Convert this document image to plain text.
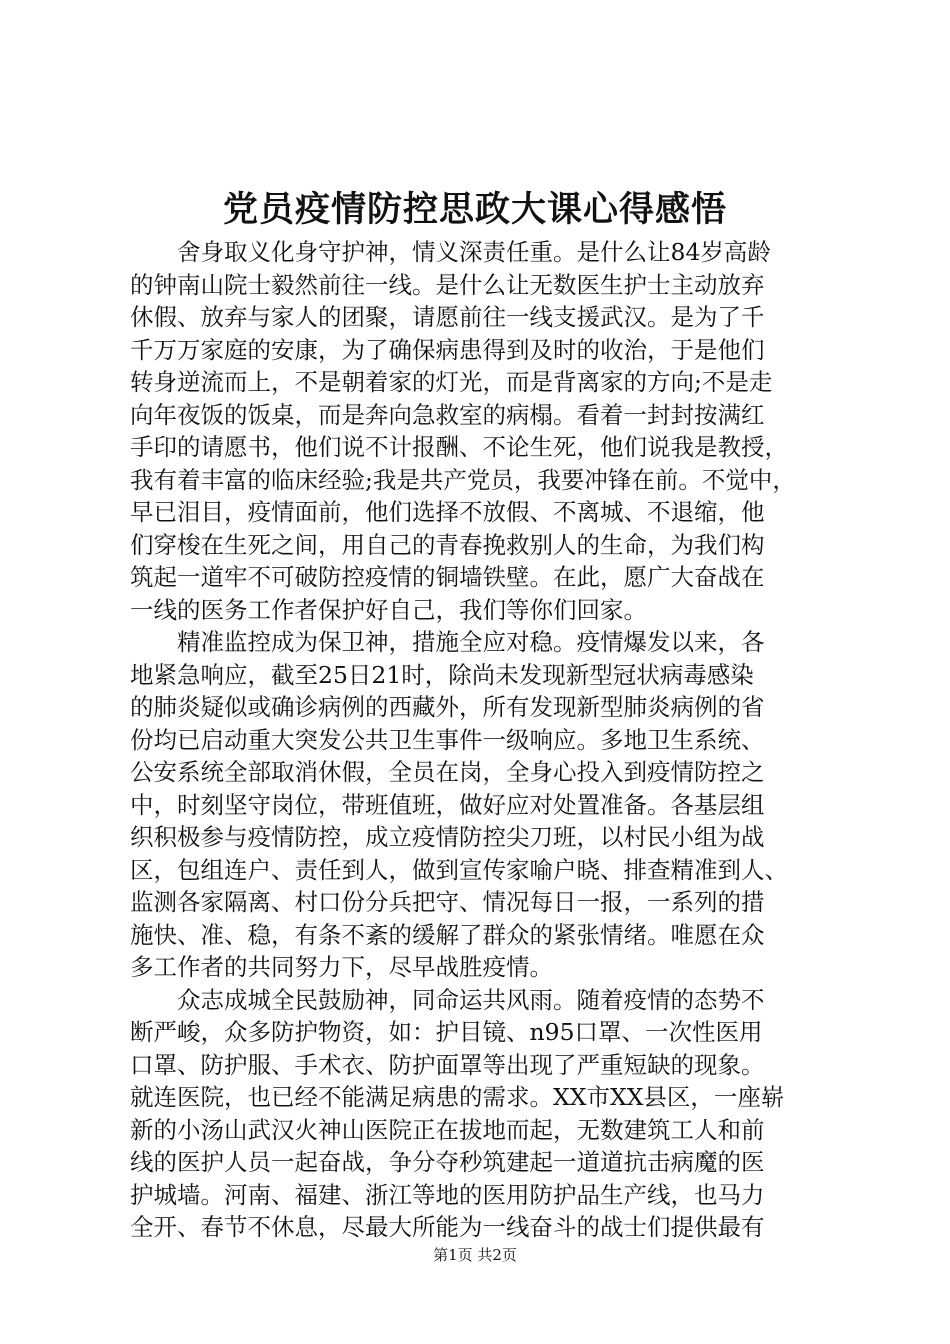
党员疫情防控思政大课心得感悟
舍身取义化身守护神，情义深责任重。是什么让84岁高龄
的钟南山院士毅然前往一线。是什么让无数医生护士主动放弃
休假、放弃与家人的团聚，请愿前往一线支援武汉。是为了千
千万万家庭的安康，为了确保病患得到及时的收治，于是他们
转身逆流而上，不是朝着家的灯光，而是背离家的方向;不是走
向年夜饭的饭桌，而是奔向急救室的病榻。看着一封封按满红
手印的请愿书，他们说不计报酬、不论生死，他们说我是教授，
我有着丰富的临床经验;我是共产党员，我要冲锋在前。不觉中，
早已泪目，疫情面前，他们选择不放假、不离城、不退缩，他
们穿梭在生死之间，用自己的青春挽救别人的生命，为我们构
筑起一道牢不可破防控疫情的铜墙铁壁。在此，愿广大奋战在
一线的医务工作者保护好自己，我们等你们回家。
精准监控成为保卫神，措施全应对稳。疫情爆发以来，各
地紧急响应，截至25日21时，除尚未发现新型冠状病毒感染
的肺炎疑似或确诊病例的西藏外，所有发现新型肺炎病例的省
份均已启动重大突发公共卫生事件一级响应。多地卫生系统、
公安系统全部取消休假，全员在岗，全身心投入到疫情防控之
中，时刻坚守岗位，带班值班，做好应对处置准备。各基层组
织积极参与疫情防控，成立疫情防控尖刀班，以村民小组为战
区，包组连户、责任到人，做到宣传家喻户晓、排查精准到人、
监测各家隔离、村口份分兵把守、情况每日一报，一系列的措
施快、准、稳，有条不紊的缓解了群众的紧张情绪。唯愿在众
多工作者的共同努力下，尽早战胜疫情。
众志成城全民鼓励神，同命运共风雨。随着疫情的态势不
断严峻，众多防护物资，如：护目镜、n95口罩、一次性医用
口罩、防护服、手术衣、防护面罩等出现了严重短缺的现象。
就连医院，也已经不能满足病患的需求。XX市XX县区，一座崭
新的小汤山武汉火神山医院正在拔地而起，无数建筑工人和前
线的医护人员一起奋战，争分夺秒筑建起一道道抗击病魔的医
护城墙。河南、福建、浙江等地的医用防护品生产线，也马力
全开、春节不休息，尽最大所能为一线奋斗的战士们提供最有
第1页 共2页
